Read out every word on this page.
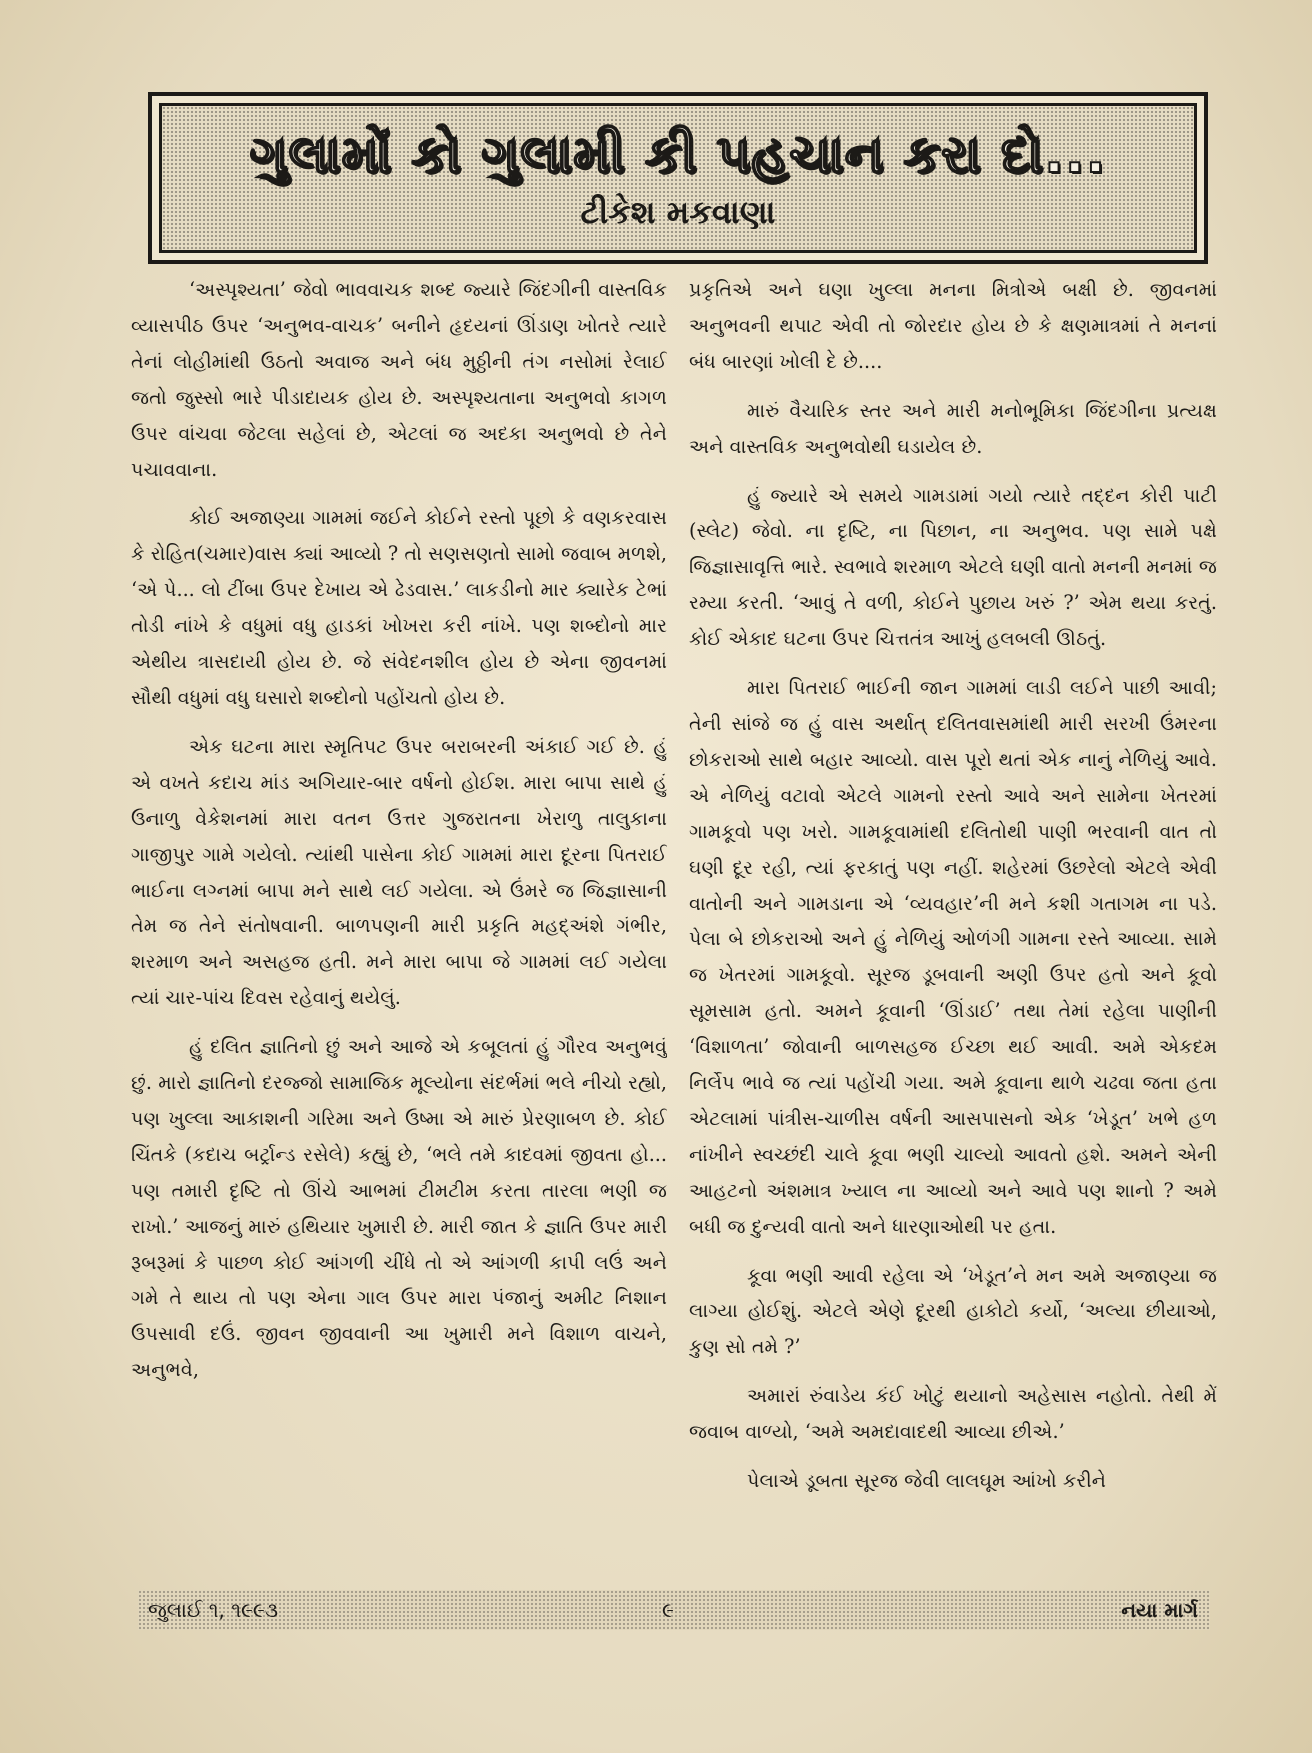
ગુલામોં કો ગુલામી કી પહચાન કરા દો...
ટીકેશ મકવાણા

‘અસ્પૃશ્યતા’ જેવો ભાવવાચક શબ્દ જ્યારે જિંદગીની વાસ્તવિક વ્યાસપીઠ ઉપર ‘અનુભવ-વાચક’ બનીને હૃદયનાં ઊંડાણ ખોતરે ત્યારે તેનાં લોહીમાંથી ઉઠતો અવાજ અને બંધ મુઠ્ઠીની તંગ નસોમાં રેલાઈ જતો જુસ્સો ભારે પીડાદાયક હોય છે. અસ્પૃશ્યતાના અનુભવો કાગળ ઉપર વાંચવા જેટલા સહેલાં છે, એટલાં જ અદકા અનુભવો છે તેને પચાવવાના.

કોઈ અજાણ્યા ગામમાં જઈને કોઈને રસ્તો પૂછો કે વણકરવાસ કે રોહિત(ચમાર)વાસ ક્યાં આવ્યો ? તો સણસણતો સામો જવાબ મળશે, ‘એ પે... લો ટીંબા ઉપર દેખાય એ ઢેડવાસ.’ લાકડીનો માર ક્યારેક ટેભાં તોડી નાંખે કે વધુમાં વધુ હાડકાં ખોખરા કરી નાંખે. પણ શબ્દોનો માર એથીય ત્રાસદાયી હોય છે. જે સંવેદનશીલ હોય છે એના જીવનમાં સૌથી વધુમાં વધુ ઘસારો શબ્દોનો પહોંચતો હોય છે.

એક ઘટના મારા સ્મૃતિપટ ઉપર બરાબરની અંકાઈ ગઈ છે. હું એ વખતે કદાચ માંડ અગિયાર-બાર વર્ષનો હોઈશ. મારા બાપા સાથે હું ઉનાળુ વેકેશનમાં મારા વતન ઉત્તર ગુજરાતના ખેરાળુ તાલુકાના ગાજીપુર ગામે ગયેલો. ત્યાંથી પાસેના કોઈ ગામમાં મારા દૂરના પિતરાઈ ભાઈના લગ્નમાં બાપા મને સાથે લઈ ગયેલા. એ ઉંમરે જ જિજ્ઞાસાની તેમ જ તેને સંતોષવાની. બાળપણની મારી પ્રકૃતિ મહદ્અંશે ગંભીર, શરમાળ અને અસહજ હતી. મને મારા બાપા જે ગામમાં લઈ ગયેલા ત્યાં ચાર-પાંચ દિવસ રહેવાનું થયેલું.

હું દલિત જ્ઞાતિનો છું અને આજે એ કબૂલતાં હું ગૌરવ અનુભવું છું. મારો જ્ઞાતિનો દરજ્જો સામાજિક મૂલ્યોના સંદર્ભમાં ભલે નીચો રહ્યો, પણ ખુલ્લા આકાશની ગરિમા અને ઉષ્મા એ મારું પ્રેરણાબળ છે. કોઈ ચિંતકે (કદાચ બર્ટ્રાન્ડ રસેલે) કહ્યું છે, ‘ભલે તમે કાદવમાં જીવતા હો... પણ તમારી દૃષ્ટિ તો ઊંચે આભમાં ટીમટીમ કરતા તારલા ભણી જ રાખો.’ આજનું મારું હથિયાર ખુમારી છે. મારી જાત કે જ્ઞાતિ ઉપર મારી રૂબરૂમાં કે પાછળ કોઈ આંગળી ચીંધે તો એ આંગળી કાપી લઉં અને ગમે તે થાય તો પણ એના ગાલ ઉપર મારા પંજાનું અમીટ નિશાન ઉપસાવી દઉં. જીવન જીવવાની આ ખુમારી મને વિશાળ વાચને, અનુભવે,

પ્રકૃતિએ અને ઘણા ખુલ્લા મનના મિત્રોએ બક્ષી છે. જીવનમાં અનુભવની થપાટ એવી તો જોરદાર હોય છે કે ક્ષણમાત્રમાં તે મનનાં બંધ બારણાં ખોલી દે છે....

મારું વૈચારિક સ્તર અને મારી મનોભૂમિકા જિંદગીના પ્રત્યક્ષ અને વાસ્તવિક અનુભવોથી ઘડાયેલ છે.

હું જ્યારે એ સમયે ગામડામાં ગયો ત્યારે તદ્દન કોરી પાટી (સ્લેટ) જેવો. ના દૃષ્ટિ, ના પિછાન, ના અનુભવ. પણ સામે પક્ષે જિજ્ઞાસાવૃત્તિ ભારે. સ્વભાવે શરમાળ એટલે ઘણી વાતો મનની મનમાં જ રમ્યા કરતી. ‘આવું તે વળી, કોઈને પુછાય ખરું ?’ એમ થયા કરતું. કોઈ એકાદ ઘટના ઉપર ચિત્તતંત્ર આખું હલબલી ઊઠતું.

મારા પિતરાઈ ભાઈની જાન ગામમાં લાડી લઈને પાછી આવી; તેની સાંજે જ હું વાસ અર્થાત્ દલિતવાસમાંથી મારી સરખી ઉંમરના છોકરાઓ સાથે બહાર આવ્યો. વાસ પૂરો થતાં એક નાનું નેળિયું આવે. એ નેળિયું વટાવો એટલે ગામનો રસ્તો આવે અને સામેના ખેતરમાં ગામકૂવો પણ ખરો. ગામકૂવામાંથી દલિતોથી પાણી ભરવાની વાત તો ઘણી દૂર રહી, ત્યાં ફરકાતું પણ નહીં. શહેરમાં ઉછરેલો એટલે એવી વાતોની અને ગામડાના એ ‘વ્યવહાર’ની મને કશી ગતાગમ ના પડે. પેલા બે છોકરાઓ અને હું નેળિયું ઓળંગી ગામના રસ્તે આવ્યા. સામે જ ખેતરમાં ગામકૂવો. સૂરજ ડૂબવાની અણી ઉપર હતો અને કૂવો સૂમસામ હતો. અમને કૂવાની ‘ઊંડાઈ’ તથા તેમાં રહેલા પાણીની ‘વિશાળતા’ જોવાની બાળસહજ ઈચ્છા થઈ આવી. અમે એકદમ નિર્લેપ ભાવે જ ત્યાં પહોંચી ગયા. અમે કૂવાના થાળે ચઢવા જતા હતા એટલામાં પાંત્રીસ-ચાળીસ વર્ષની આસપાસનો એક ‘ખેડૂત’ ખભે હળ નાંખીને સ્વચ્છંદી ચાલે કૂવા ભણી ચાલ્યો આવતો હશે. અમને એની આહટનો અંશમાત્ર ખ્યાલ ના આવ્યો અને આવે પણ શાનો ? અમે બધી જ દુન્યવી વાતો અને ધારણાઓથી પર હતા.

કૂવા ભણી આવી રહેલા એ ‘ખેડૂત’ને મન અમે અજાણ્યા જ લાગ્યા હોઈશું. એટલે એણે દૂરથી હાકોટો કર્યો, ‘અલ્યા છીયાઓ, કુણ સો તમે ?’

અમારાં રુંવાડેય કંઈ ખોટું થયાનો અહેસાસ નહોતો. તેથી મેં જવાબ વાળ્યો, ‘અમે અમદાવાદથી આવ્યા છીએ.’

પેલાએ ડૂબતા સૂરજ જેવી લાલઘૂમ આંખો કરીને

જુલાઈ ૧, ૧૯૯૩	૯	નયા માર્ગ
